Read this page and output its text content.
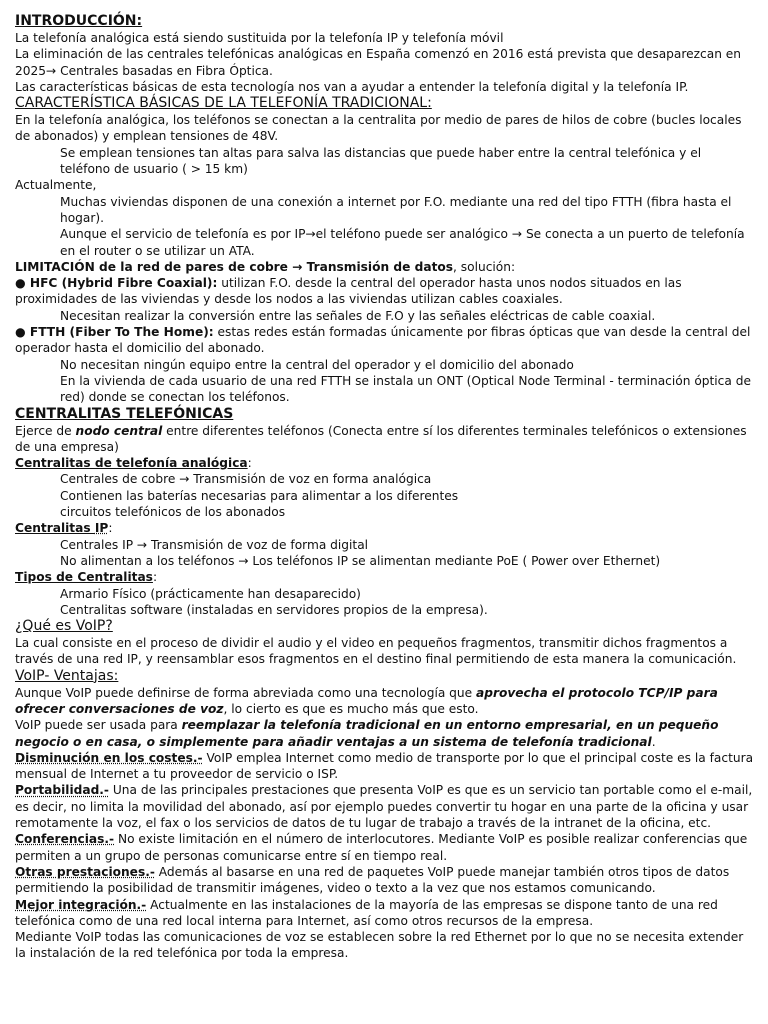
INTRODUCCIÓN:

La telefonía analógica está siendo sustituida por la telefonía IP y telefonía móvil

La eliminación de las centrales telefónicas analógicas en España comenzó en 2016 está prevista que desaparezcan en 2025→ Centrales basadas en Fibra Óptica.

Las características básicas de esta tecnología nos van a ayudar a entender la telefonía digital y la telefonía IP.

CARACTERÍSTICA BÁSICAS DE LA TELEFONÍA TRADICIONAL:

En la telefonía analógica, los teléfonos se conectan a la centralita por medio de pares de hilos de cobre (bucles locales de abonados) y emplean tensiones de 48V.

Se emplean tensiones tan altas para salva las distancias que puede haber entre la central telefónica y el teléfono de usuario ( > 15 km)

Actualmente,

Muchas viviendas disponen de una conexión a internet por F.O. mediante una red del tipo FTTH (fibra hasta el hogar).

Aunque el servicio de telefonía es por IP→el teléfono puede ser analógico → Se conecta a un puerto de telefonía en el router o se utilizar un ATA.

LIMITACIÓN de la red de pares de cobre → Transmisión de datos, solución:

● HFC (Hybrid Fibre Coaxial): utilizan F.O. desde la central del operador hasta unos nodos situados en las proximidades de las viviendas y desde los nodos a las viviendas utilizan cables coaxiales.

Necesitan realizar la conversión entre las señales de F.O y las señales eléctricas de cable coaxial.

● FTTH (Fiber To The Home): estas redes están formadas únicamente por fibras ópticas que van desde la central del operador hasta el domicilio del abonado.

No necesitan ningún equipo entre la central del operador y el domicilio del abonado

En la vivienda de cada usuario de una red FTTH se instala un ONT (Optical Node Terminal - terminación óptica de red) donde se conectan los teléfonos.

CENTRALITAS TELEFÓNICAS

Ejerce de nodo central entre diferentes teléfonos (Conecta entre sí los diferentes terminales telefónicos o extensiones de una empresa)

Centralitas de telefonía analógica:

Centrales de cobre → Transmisión de voz en forma analógica

Contienen las baterías necesarias para alimentar a los diferentes

circuitos telefónicos de los abonados

Centralitas IP:

Centrales IP → Transmisión de voz de forma digital

No alimentan a los teléfonos → Los teléfonos IP se alimentan mediante PoE ( Power over Ethernet)

Tipos de Centralitas:

Armario Físico (prácticamente han desaparecido)

Centralitas software (instaladas en servidores propios de la empresa).

¿Qué es VoIP?

La cual consiste en el proceso de dividir el audio y el video en pequeños fragmentos, transmitir dichos fragmentos a través de una red IP, y reensamblar esos fragmentos en el destino final permitiendo de esta manera la comunicación.

VoIP- Ventajas:

Aunque VoIP puede definirse de forma abreviada como una tecnología que aprovecha el protocolo TCP/IP para ofrecer conversaciones de voz, lo cierto es que es mucho más que esto.

VoIP puede ser usada para reemplazar la telefonía tradicional en un entorno empresarial, en un pequeño negocio o en casa, o simplemente para añadir ventajas a un sistema de telefonía tradicional.

Disminución en los costes.- VoIP emplea Internet como medio de transporte por lo que el principal coste es la factura mensual de Internet a tu proveedor de servicio o ISP.

Portabilidad.- Una de las principales prestaciones que presenta VoIP es que es un servicio tan portable como el e-mail, es decir, no limita la movilidad del abonado, así por ejemplo puedes convertir tu hogar en una parte de la oficina y usar remotamente la voz, el fax o los servicios de datos de tu lugar de trabajo a través de la intranet de la oficina, etc.

Conferencias.- No existe limitación en el número de interlocutores. Mediante VoIP es posible realizar conferencias que permiten a un grupo de personas comunicarse entre sí en tiempo real.

Otras prestaciones.- Además al basarse en una red de paquetes VoIP puede manejar también otros tipos de datos permitiendo la posibilidad de transmitir imágenes, video o texto a la vez que nos estamos comunicando.

Mejor integración.- Actualmente en las instalaciones de la mayoría de las empresas se dispone tanto de una red telefónica como de una red local interna para Internet, así como otros recursos de la empresa.

Mediante VoIP todas las comunicaciones de voz se establecen sobre la red Ethernet por lo que no se necesita extender la instalación de la red telefónica por toda la empresa.
